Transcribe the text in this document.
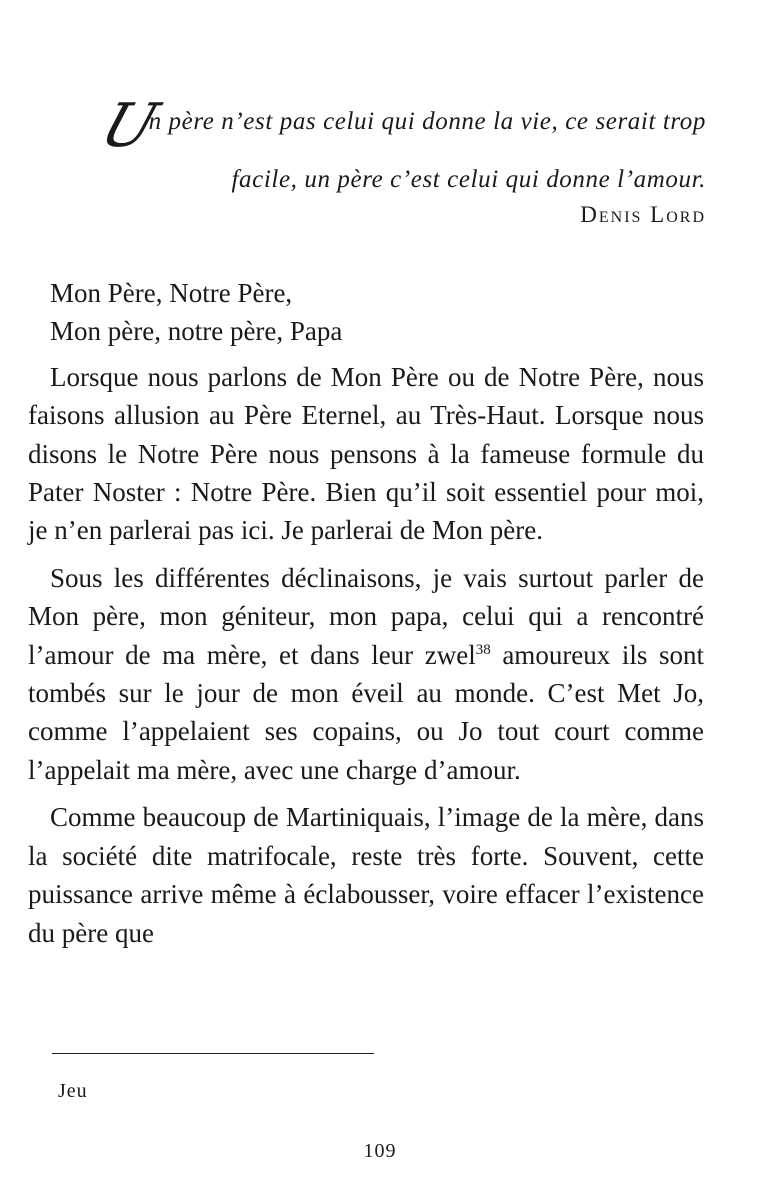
U
n père n’est pas celui qui donne la vie, ce serait trop
facile, un père c’est celui qui donne l’amour.
Denis Lord

Mon Père, Notre Père,

Mon père, notre père, Papa

Lorsque nous parlons de Mon Père ou de Notre Père, nous faisons allusion au Père Eternel, au Très-Haut. Lorsque nous disons le Notre Père nous pensons à la fameuse formule du Pater Noster : Notre Père. Bien qu’il soit essentiel pour moi, je n’en parlerai pas ici. Je parlerai de Mon père.

Sous les différentes déclinaisons, je vais surtout parler de Mon père, mon géniteur, mon papa, celui qui a rencontré l’amour de ma mère, et dans leur zwel$^{38}$ amoureux ils sont tombés sur le jour de mon éveil au monde. C’est Met Jo, comme l’appelaient ses copains, ou Jo tout court comme l’appelait ma mère, avec une charge d’amour.

Comme beaucoup de Martiniquais, l’image de la mère, dans la société dite matrifocale, reste très forte. Souvent, cette puissance arrive même à éclabousser, voire effacer l’existence du père que

Jeu
109
